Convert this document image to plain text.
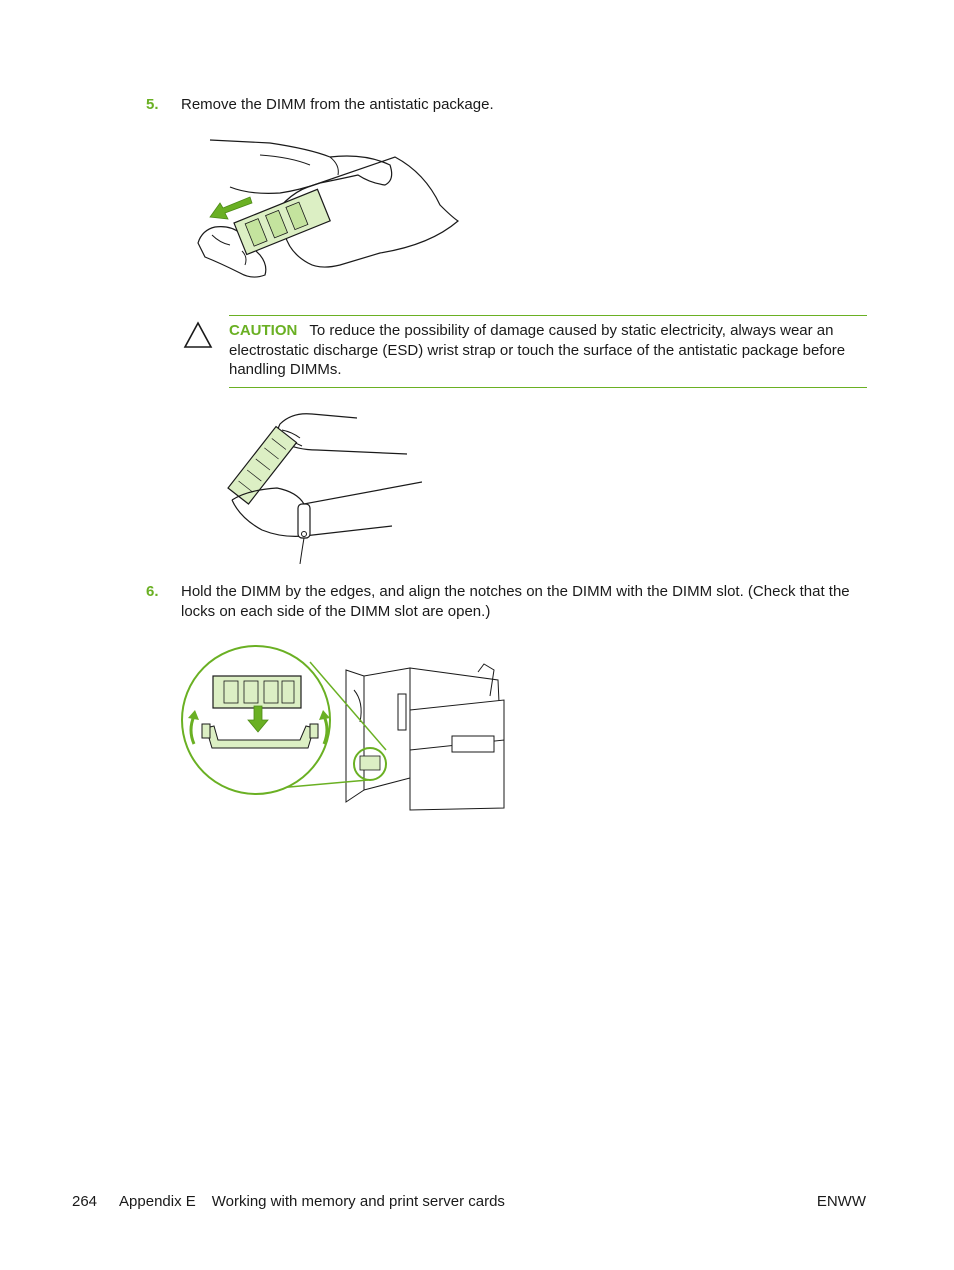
5. Remove the DIMM from the antistatic package.
CAUTION To reduce the possibility of damage caused by static electricity, always wear an electrostatic discharge (ESD) wrist strap or touch the surface of the antistatic package before handling DIMMs.
6. Hold the DIMM by the edges, and align the notches on the DIMM with the DIMM slot. (Check that the locks on each side of the DIMM slot are open.)
264 Appendix E Working with memory and print server cards	ENWW
